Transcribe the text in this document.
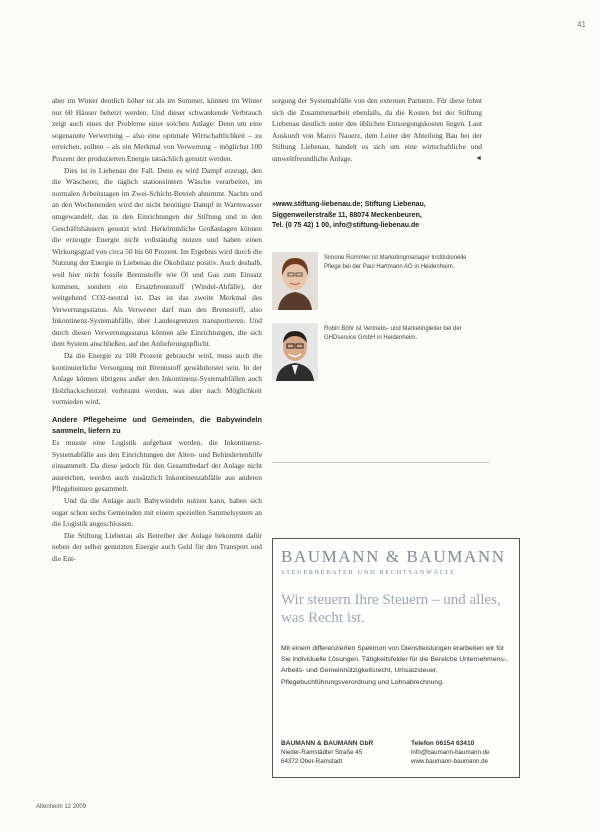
41

aber im Winter deutlich höher ist als im Sommer, können im Winter nur 60 Häuser beheizt werden. Und dieser schwankende Verbrauch zeigt auch eines der Probleme einer solchen Anlage: Denn um eine sogenannte Verwertung – also eine optimale Wirtschaftlichkeit – zu erreichen, sollten – als ein Merkmal von Verwertung – möglichst 100 Prozent der produzierten Energie tatsächlich genutzt werden.

Dies ist in Liebenau der Fall. Denn es wird Dampf erzeugt, den die Wäscherei, die täglich stationsintern Wäsche verarbeitet, im normalen Arbeitstagen im Zwei-Schicht-Betrieb abnimmt. Nachts und an den Wochenenden wird der nicht benötigte Dampf in Warmwasser umgewandelt, das in den Einrichtungen der Stiftung und in den Geschäftshäusern genutzt wird. Herkömmliche Großanlagen können die erzeugte Energie nicht vollständig nutzen und haben einen Wirkungsgrad von circa 50 bis 60 Prozent. Im Ergebnis wird durch die Nutzung der Energie in Liebenau die Ökobilanz positiv. Auch deshalb, weil hier nicht fossile Brennstoffe wie Öl und Gas zum Einsatz kommen, sondern ein Ersatzbrennstoff (Windel-Abfälle), der weitgehend CO2-neutral ist. Das ist das zweite Merkmal des Verwertungsstatus. Als Verwerter darf man den Brennstoff, also Inkontinenz-Systemabfälle, über Landesgrenzen transportieren. Und durch diesen Verwertungsstatus können alle Einrichtungen, die sich dem System anschließen, auf der Anlieferungspflicht.

Da die Energie zu 100 Prozent gebraucht wird, muss auch die kontinuierliche Versorgung mit Brennstoff gewährleistet sein. In der Anlage können übrigens außer den Inkontinenz-Systemabfällen auch Holzhackschnitzel verbrannt werden, was aber nach Möglichkeit vermieden wird.

Andere Pflegeheime und Gemeinden, die Babywindeln sammeln, liefern zu

Es musste eine Logistik aufgebaut werden, die Inkontinenz-Systemabfälle aus den Einrichtungen der Alten- und Behindertenhilfe einsammelt. Da diese jedoch für den Gesamtbedarf der Anlage nicht ausreichen, werden auch zusätzlich Inkontinenzabfälle aus anderen Pflegeheimen gesammelt.

Und da die Anlage auch Babywindeln nutzen kann, haben sich sogar schon sechs Gemeinden mit einem speziellen Sammelsystem an die Logistik angeschlossen.

Die Stiftung Liebenau als Betreiber der Anlage bekommt dafür neben der selbst genutzten Energie auch Geld für den Transport und die Ent-

sorgung der Systemabfälle von den externen Partnern. Für diese lohnt sich die Zusammenarbeit ebenfalls, da die Kosten bei der Stiftung Liebenau deutlich unter den üblichen Entsorgungskosten liegen. Laut Auskunft von Marco Nauerz, dem Leiter der Abteilung Bau bei der Stiftung Liebenau, handelt es sich um eine wirtschaftliche und umweltfreundliche Anlage.	◄

»www.stiftung-liebenau.de; Stiftung Liebenau,
Siggenweilerstraße 11, 88074 Meckenbeuren,
Tel. (0 75 42) 1 00, info@stiftung-liebenau.de
Simone Rommler ist Marketingmanager Institutionelle Pflege bei der Paul Hartmann AG in Heidenheim.
Robin Böhr ist Vertriebs- und Marketingleiter bei der GHDservice GmbH in Heidenheim.
BAUMANN & BAUMANN
STEUERBERATER UND RECHTSANWÄLTE
Wir steuern Ihre Steuern – und alles, was Recht ist.
Mit einem differenzierten Spektrum von Dienstleistungen erarbeiten wir für Sie individuelle Lösungen. Tätigkeitsfelder für die Bereiche Unternehmens-, Arbeits- und Gemeinnützigkeitsrecht, Umsatzsteuer, Pflegebuchführungsverordnung und Lohnabrechnung.
BAUMANN & BAUMANN GbR
Nieder-Ramstädter Straße 45
64372 Ober-Ramstadt
Telefon 06154 63410
info@baumann-baumann.de
www.baumann-baumann.de
Altenheim 12 2009
